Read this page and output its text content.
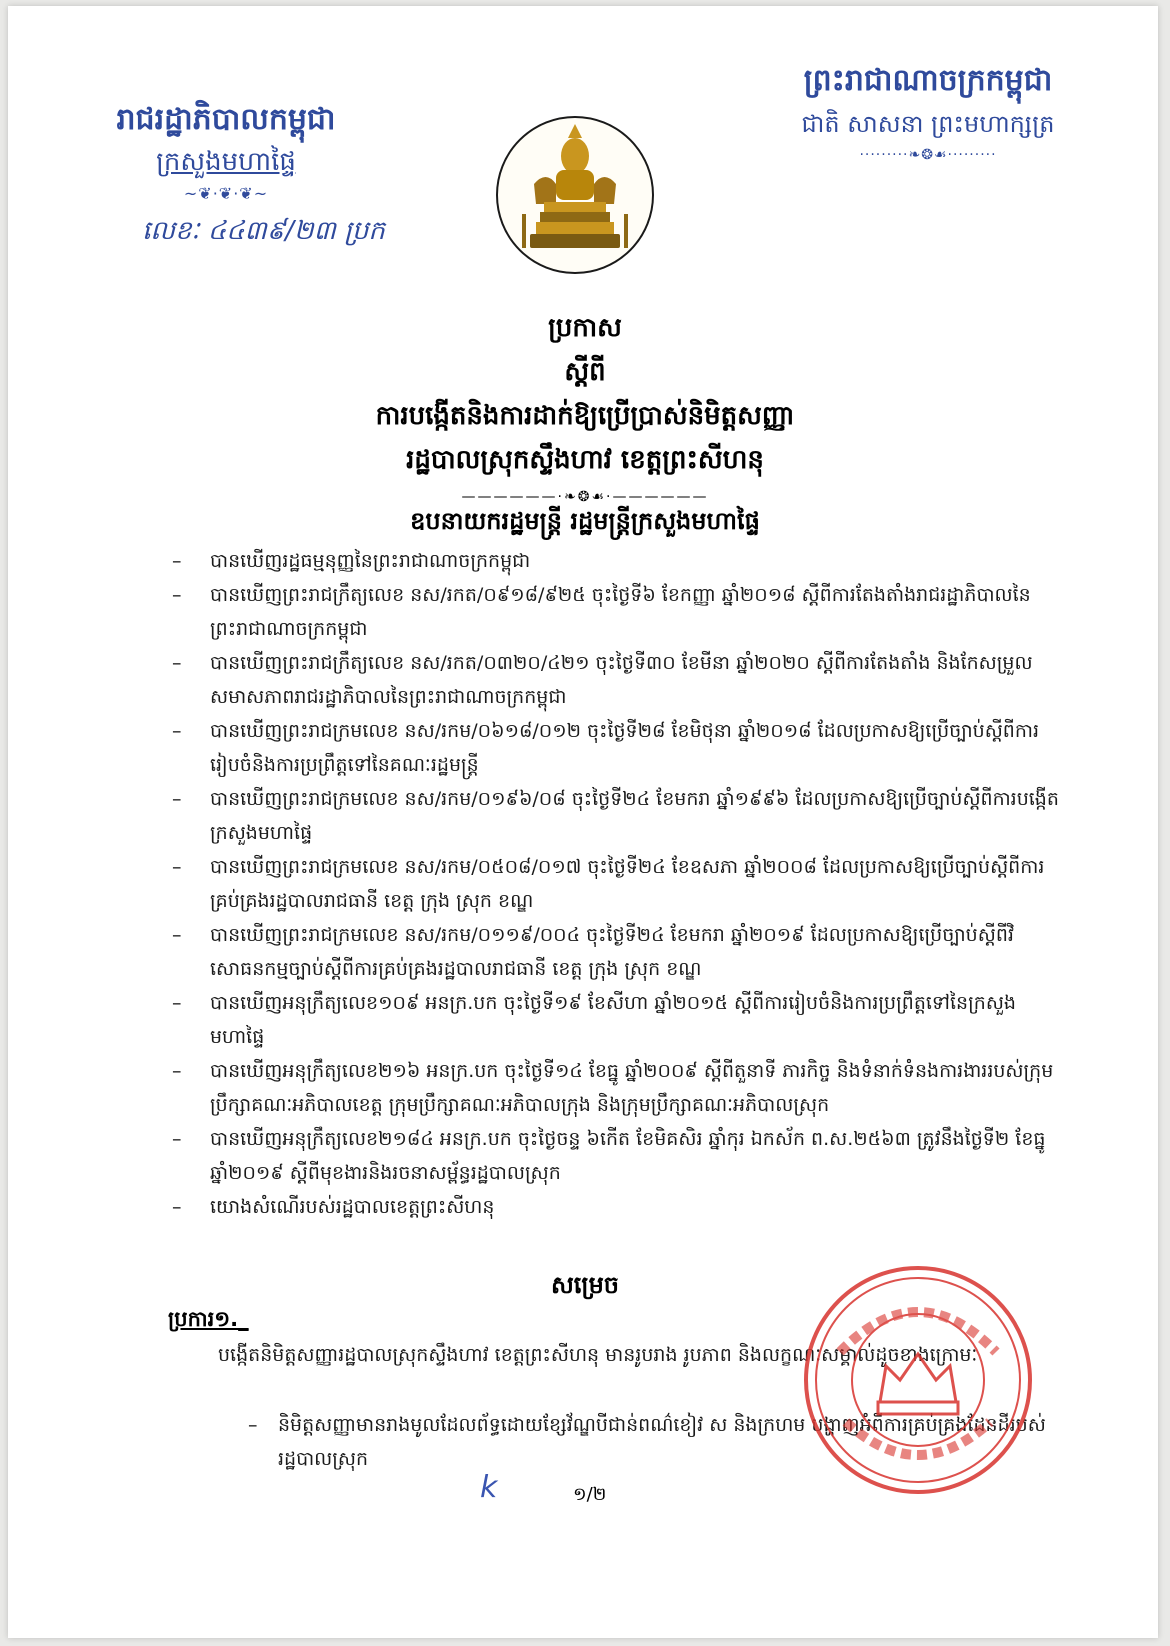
រាជរដ្ឋាភិបាលកម្ពុជា
ក្រសួងមហាផ្ទៃ
~❦·❦·❦~
លេខៈ ៤៤៣៩/២៣ ប្រក
ព្រះរាជាណាចក្រកម្ពុជា
ជាតិ សាសនា ព្រះមហាក្សត្រ
·········❧❂☙·········
ប្រកាស
ស្តីពី
ការបង្កើតនិងការដាក់ឱ្យប្រើប្រាស់និមិត្តសញ្ញា
រដ្ឋបាលស្រុកស្ទឹងហាវ ខេត្តព្រះសីហនុ
——————·❧❂☙·——————
ឧបនាយករដ្ឋមន្ត្រី រដ្ឋមន្ត្រីក្រសួងមហាផ្ទៃ
– បានឃើញរដ្ឋធម្មនុញ្ញនៃព្រះរាជាណាចក្រកម្ពុជា
– បានឃើញព្រះរាជក្រឹត្យលេខ នស/រកត/០៩១៨/៩២៥ ចុះថ្ងៃទី៦ ខែកញ្ញា ឆ្នាំ២០១៨ ស្តីពីការតែងតាំងរាជរដ្ឋាភិបាលនៃព្រះរាជាណាចក្រកម្ពុជា
– បានឃើញព្រះរាជក្រឹត្យលេខ នស/រកត/០៣២០/៤២១ ចុះថ្ងៃទី៣០ ខែមីនា ឆ្នាំ២០២០ ស្តីពីការតែងតាំង និងកែសម្រួលសមាសភាពរាជរដ្ឋាភិបាលនៃព្រះរាជាណាចក្រកម្ពុជា
– បានឃើញព្រះរាជក្រមលេខ នស/រកម/០៦១៨/០១២ ចុះថ្ងៃទី២៨ ខែមិថុនា ឆ្នាំ២០១៨ ដែលប្រកាសឱ្យប្រើច្បាប់ស្តីពីការរៀបចំនិងការប្រព្រឹត្តទៅនៃគណៈរដ្ឋមន្ត្រី
– បានឃើញព្រះរាជក្រមលេខ នស/រកម/០១៩៦/០៨ ចុះថ្ងៃទី២៤ ខែមករា ឆ្នាំ១៩៩៦ ដែលប្រកាសឱ្យប្រើច្បាប់ស្តីពីការបង្កើតក្រសួងមហាផ្ទៃ
– បានឃើញព្រះរាជក្រមលេខ នស/រកម/០៥០៨/០១៧ ចុះថ្ងៃទី២៤ ខែឧសភា ឆ្នាំ២០០៨ ដែលប្រកាសឱ្យប្រើច្បាប់ស្តីពីការគ្រប់គ្រងរដ្ឋបាលរាជធានី ខេត្ត ក្រុង ស្រុក ខណ្ឌ
– បានឃើញព្រះរាជក្រមលេខ នស/រកម/០១១៩/០០៤ ចុះថ្ងៃទី២៤ ខែមករា ឆ្នាំ២០១៩ ដែលប្រកាសឱ្យប្រើច្បាប់ស្តីពីវិសោធនកម្មច្បាប់ស្តីពីការគ្រប់គ្រងរដ្ឋបាលរាជធានី ខេត្ត ក្រុង ស្រុក ខណ្ឌ
– បានឃើញអនុក្រឹត្យលេខ១០៩ អនក្រ.បក ចុះថ្ងៃទី១៩ ខែសីហា ឆ្នាំ២០១៥ ស្តីពីការរៀបចំនិងការប្រព្រឹត្តទៅនៃក្រសួងមហាផ្ទៃ
– បានឃើញអនុក្រឹត្យលេខ២១៦ អនក្រ.បក ចុះថ្ងៃទី១៤ ខែធ្នូ ឆ្នាំ២០០៩ ស្តីពីតួនាទី ភារកិច្ច និងទំនាក់ទំនងការងាររបស់ក្រុមប្រឹក្សាគណៈអភិបាលខេត្ត ក្រុមប្រឹក្សាគណៈអភិបាលក្រុង និងក្រុមប្រឹក្សាគណៈអភិបាលស្រុក
– បានឃើញអនុក្រឹត្យលេខ២១៨៤ អនក្រ.បក ចុះថ្ងៃចន្ទ ៦កើត ខែមិគសិរ ឆ្នាំកុរ ឯកស័ក ព.ស.២៥៦៣ ត្រូវនឹងថ្ងៃទី២ ខែធ្នូ ឆ្នាំ២០១៩ ស្តីពីមុខងារនិងរចនាសម្ព័ន្ធរដ្ឋបាលស្រុក
– យោងសំណើរបស់រដ្ឋបាលខេត្តព្រះសីហនុ
សម្រេច
ប្រការ១._
បង្កើតនិមិត្តសញ្ញារដ្ឋបាលស្រុកស្ទឹងហាវ ខេត្តព្រះសីហនុ មានរូបរាង រូបភាព និងលក្ខណៈសម្គាល់ដូចខាងក្រោមៈ
– និមិត្តសញ្ញាមានរាងមូលដែលព័ទ្ធដោយខ្សែវ័ណ្ឌបីជាន់ពណ៌ខៀវ ស និងក្រហម បង្ហាញអំពីការគ្រប់គ្រងដែនដីរបស់រដ្ឋបាលស្រុក
k	១/២
